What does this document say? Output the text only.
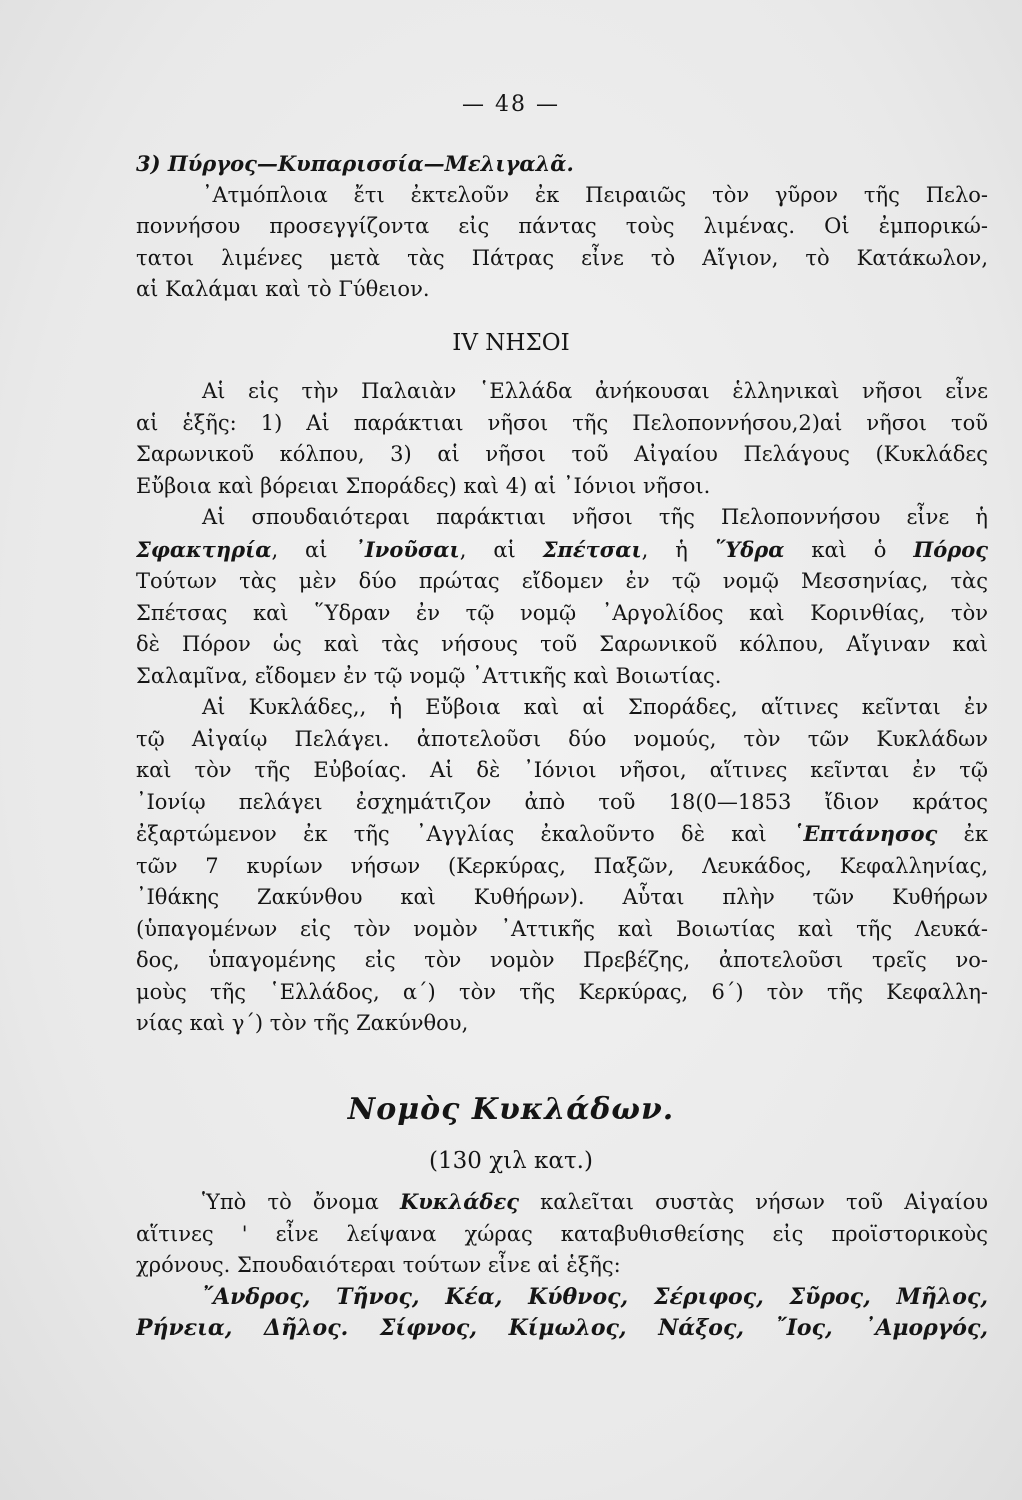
— 48 —
3) Πύργος—Κυπαρισσία—Μελιγαλᾶ.
᾿Ατμόπλοια ἔτι ἐκτελοῦν ἐκ Πειραιῶς τὸν γῦρον τῆς Πελο-
ποννήσου προσεγγίζοντα εἰς πάντας τοὺς λιμένας. Οἱ ἐμπορικώ-
τατοι λιμένες μετὰ τὰς Πάτρας εἶνε τὸ Αἴγιον, τὸ Κατάκωλον,
αἱ Καλάμαι καὶ τὸ Γύθειον.
IV ΝΗΣΟΙ
Αἱ εἰς τὴν Παλαιὰν ῾Ελλάδα ἀνήκουσαι ἑλληνικαὶ νῆσοι εἶνε
αἱ ἑξῆς: 1) Αἱ παράκτιαι νῆσοι τῆς Πελοποννήσου,2)αἱ νῆσοι τοῦ
Σαρωνικοῦ κόλπου, 3) αἱ νῆσοι τοῦ Αἰγαίου Πελάγους (Κυκλάδες
Εὔβοια καὶ βόρειαι Σποράδες) καὶ 4) αἱ ᾿Ιόνιοι νῆσοι.
Αἱ σπουδαιότεραι παράκτιαι νῆσοι τῆς Πελοποννήσου εἶνε ἡ
Σφακτηρία, αἱ ᾿Ινοῦσαι, αἱ Σπέτσαι, ἡ ῞Υδρα καὶ ὁ Πόρος
Τούτων τὰς μὲν δύο πρώτας εἴδομεν ἐν τῷ νομῷ Μεσσηνίας, τὰς
Σπέτσας καὶ ῞Υδραν ἐν τῷ νομῷ ᾿Αργολίδος καὶ Κορινθίας, τὸν
δὲ Πόρον ὡς καὶ τὰς νήσους τοῦ Σαρωνικοῦ κόλπου, Αἴγιναν καὶ
Σαλαμῖνα, εἴδομεν ἐν τῷ νομῷ ᾿Αττικῆς καὶ Βοιωτίας.
Αἱ Κυκλάδες,, ἡ Εὔβοια καὶ αἱ Σποράδες, αἵτινες κεῖνται ἐν
τῷ Αἰγαίῳ Πελάγει. ἀποτελοῦσι δύο νομούς, τὸν τῶν Κυκλάδων
καὶ τὸν τῆς Εὐβοίας. Αἱ δὲ ᾿Ιόνιοι νῆσοι, αἵτινες κεῖνται ἐν τῷ
᾿Ιονίῳ πελάγει ἐσχημάτιζον ἀπὸ τοῦ 18(0—1853 ἴδιον κράτος
ἐξαρτώμενον ἐκ τῆς ᾿Αγγλίας ἐκαλοῦντο δὲ καὶ ῾Επτάνησος ἐκ
τῶν 7 κυρίων νήσων (Κερκύρας, Παξῶν, Λευκάδος, Κεφαλληνίας,
᾿Ιθάκης Ζακύνθου καὶ Κυθήρων). Αὗται πλὴν τῶν Κυθήρων
(ὑπαγομένων εἰς τὸν νομὸν ᾿Αττικῆς καὶ Βοιωτίας καὶ τῆς Λευκά-
δος, ὑπαγομένης εἰς τὸν νομὸν Πρεβέζης, ἀποτελοῦσι τρεῖς νο-
μοὺς τῆς ῾Ελλάδος, α´) τὸν τῆς Κερκύρας, 6´) τὸν τῆς Κεφαλλη-
νίας καὶ γ´) τὸν τῆς Ζακύνθου,
Νομὸς Κυκλάδων.
(130 χιλ κατ.)
Ὑπὸ τὸ ὄνομα Κυκλάδες καλεῖται συστὰς νήσων τοῦ Αἰγαίου
αἵτινες ' εἶνε λείψανα χώρας καταβυθισθείσης εἰς προϊστορικοὺς
χρόνους. Σπουδαιότεραι τούτων εἶνε αἱ ἑξῆς:
῎Ανδρος, Τῆνος, Κέα, Κύθνος, Σέριφος, Σῦρος, Μῆλος,
Ρήνεια, Δῆλος. Σίφνος, Κίμωλος, Νάξος, ῎Ιος, ᾿Αμοργός,
